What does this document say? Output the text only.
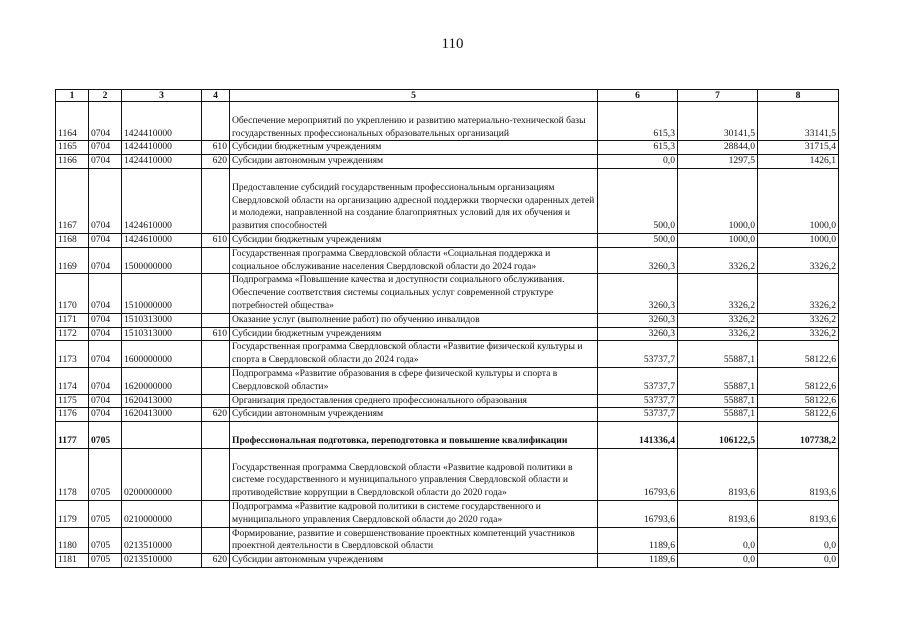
110
1	2	3	4	5	6	7	8
1164	0704	1424410000		Обеспечение мероприятий по укреплению и развитию материально-технической базы государственных профессиональных образовательных организаций	615,3	30141,5	33141,5
1165	0704	1424410000	610	Субсидии бюджетным учреждениям	615,3	28844,0	31715,4
1166	0704	1424410000	620	Субсидии автономным учреждениям	0,0	1297,5	1426,1
1167	0704	1424610000		Предоставление субсидий государственным профессиональным организациям Свердловской области на организацию адресной поддержки творчески одаренных детей и молодежи, направленной на создание благоприятных условий для их обучения и развития способностей	500,0	1000,0	1000,0
1168	0704	1424610000	610	Субсидии бюджетным учреждениям	500,0	1000,0	1000,0
1169	0704	1500000000		Государственная программа Свердловской области «Социальная поддержка и социальное обслуживание населения Свердловской области до 2024 года»	3260,3	3326,2	3326,2
1170	0704	1510000000		Подпрограмма «Повышение качества и доступности социального обслуживания. Обеспечение соответствия системы социальных услуг современной структуре потребностей общества»	3260,3	3326,2	3326,2
1171	0704	1510313000		Оказание услуг (выполнение работ) по обучению инвалидов	3260,3	3326,2	3326,2
1172	0704	1510313000	610	Субсидии бюджетным учреждениям	3260,3	3326,2	3326,2
1173	0704	1600000000		Государственная программа Свердловской области «Развитие физической культуры и спорта в Свердловской области до 2024 года»	53737,7	55887,1	58122,6
1174	0704	1620000000		Подпрограмма «Развитие образования в сфере физической культуры и спорта в Свердловской области»	53737,7	55887,1	58122,6
1175	0704	1620413000		Организация предоставления среднего профессионального образования	53737,7	55887,1	58122,6
1176	0704	1620413000	620	Субсидии автономным учреждениям	53737,7	55887,1	58122,6
1177	0705			Профессиональная подготовка, переподготовка и повышение квалификации	141336,4	106122,5	107738,2
1178	0705	0200000000		Государственная программа Свердловской области «Развитие кадровой политики в системе государственного и муниципального управления Свердловской области и противодействие коррупции в Свердловской области до 2020 года»	16793,6	8193,6	8193,6
1179	0705	0210000000		Подпрограмма «Развитие кадровой политики в системе государственного и муниципального управления Свердловской области до 2020 года»	16793,6	8193,6	8193,6
1180	0705	0213510000		Формирование, развитие и совершенствование проектных компетенций участников проектной деятельности в Свердловской области	1189,6	0,0	0,0
1181	0705	0213510000	620	Субсидии автономным учреждениям	1189,6	0,0	0,0
